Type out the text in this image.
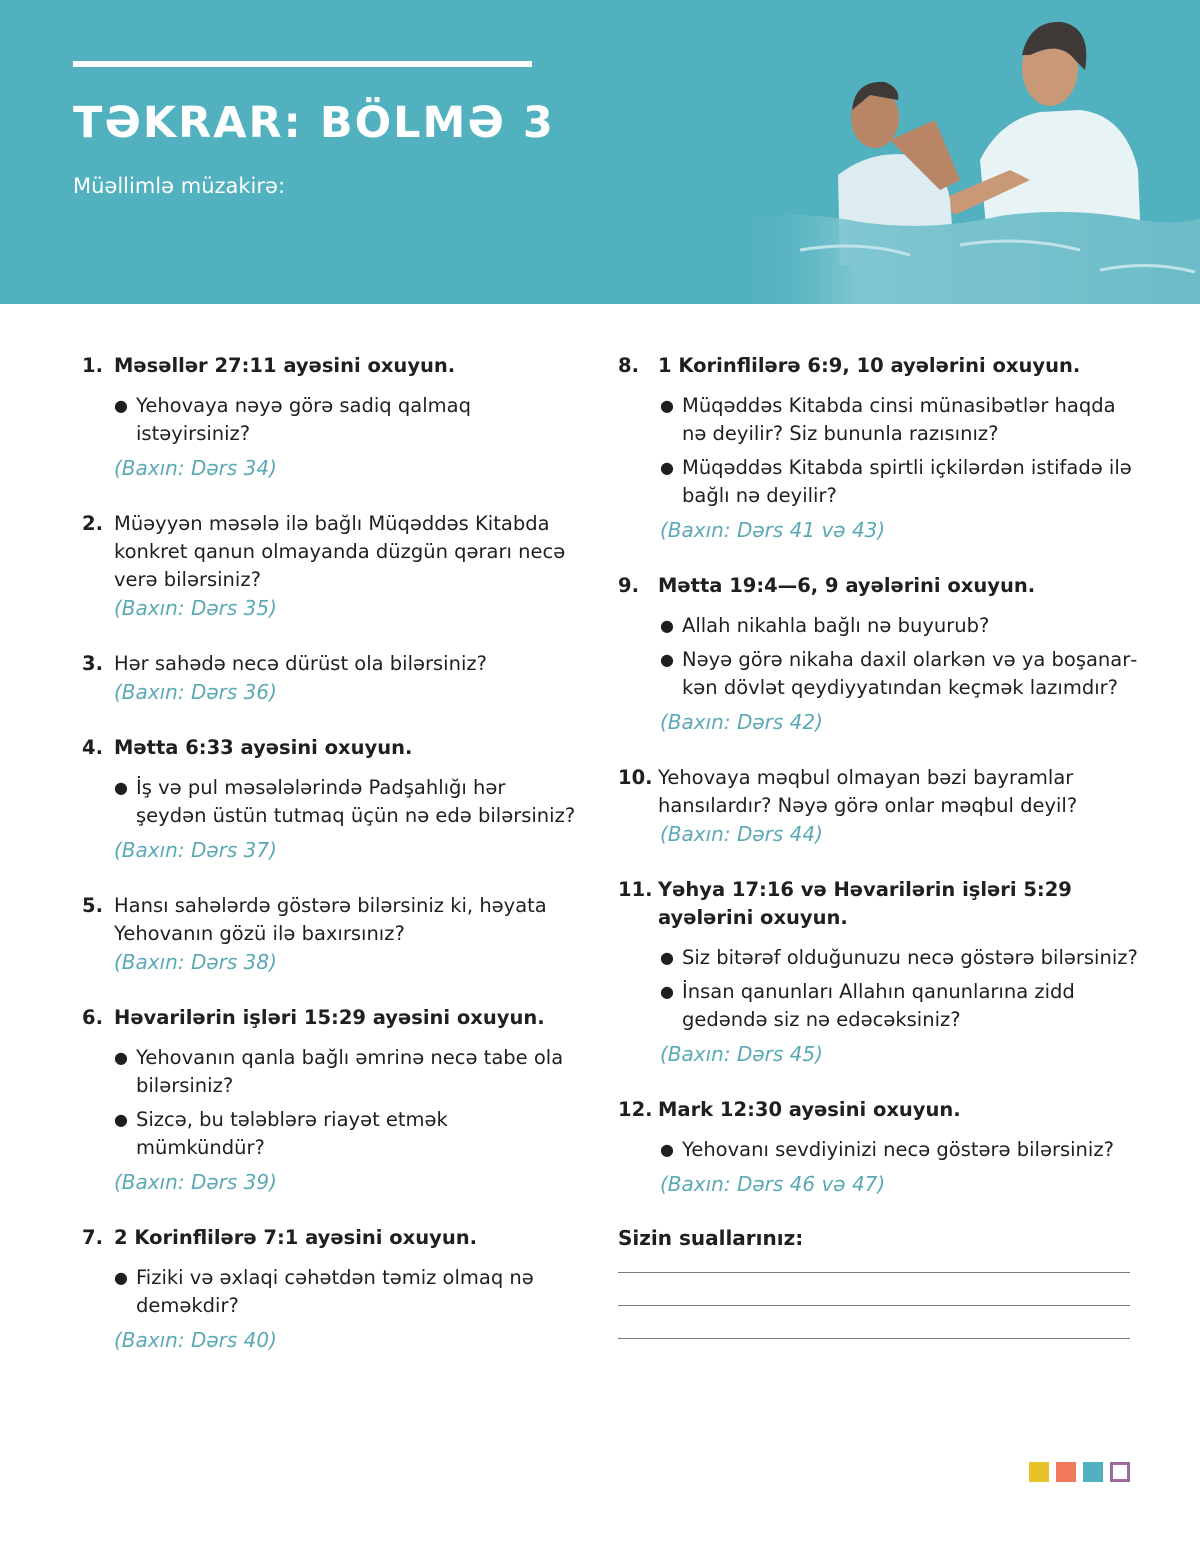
TƏKRAR: BÖLMƏ 3
Müəllimlə müzakirə:
1. Məsəllər 27:11 ayəsini oxuyun.
● Yehovaya nəyə görə sadiq qalmaq istəyirsiniz?
(Baxın: Dərs 34)
2. Müəyyən məsələ ilə bağlı Müqəddəs Kitabda konkret qanun olmayanda düzgün qərarı necə verə bilərsiniz?
(Baxın: Dərs 35)
3. Hər sahədə necə dürüst ola bilərsiniz?
(Baxın: Dərs 36)
4. Mətta 6:33 ayəsini oxuyun.
● İş və pul məsələlərində Padşahlığı hər şeydən üstün tutmaq üçün nə edə bilərsiniz?
(Baxın: Dərs 37)
5. Hansı sahələrdə göstərə bilərsiniz ki, həyata Yehovanın gözü ilə baxırsınız?
(Baxın: Dərs 38)
6. Həvarilərin işləri 15:29 ayəsini oxuyun.
● Yehovanın qanla bağlı əmrinə necə tabe ola bilərsiniz?
● Sizcə, bu tələblərə riayət etmək mümkündür?
(Baxın: Dərs 39)
7. 2 Korinflilərə 7:1 ayəsini oxuyun.
● Fiziki və əxlaqi cəhətdən təmiz olmaq nə deməkdir?
(Baxın: Dərs 40)
8. 1 Korinflilərə 6:9, 10 ayələrini oxuyun.
● Müqəddəs Kitabda cinsi münasibətlər haqda nə deyilir? Siz bununla razısınız?
● Müqəddəs Kitabda spirtli içkilərdən istifadə ilə bağlı nə deyilir?
(Baxın: Dərs 41 və 43)
9. Mətta 19:4—6, 9 ayələrini oxuyun.
● Allah nikahla bağlı nə buyurub?
● Nəyə görə nikaha daxil olarkən və ya boşanarkən dövlət qeydiyyatından keçmək lazımdır?
(Baxın: Dərs 42)
10. Yehovaya məqbul olmayan bəzi bayramlar hansılardır? Nəyə görə onlar məqbul deyil?
(Baxın: Dərs 44)
11. Yəhya 17:16 və Həvarilərin işləri 5:29 ayələrini oxuyun.
● Siz bitərəf olduğunuzu necə göstərə bilərsiniz?
● İnsan qanunları Allahın qanunlarına zidd gedəndə siz nə edəcəksiniz?
(Baxın: Dərs 45)
12. Mark 12:30 ayəsini oxuyun.
● Yehovanı sevdiyinizi necə göstərə bilərsiniz?
(Baxın: Dərs 46 və 47)
Sizin suallarınız:
